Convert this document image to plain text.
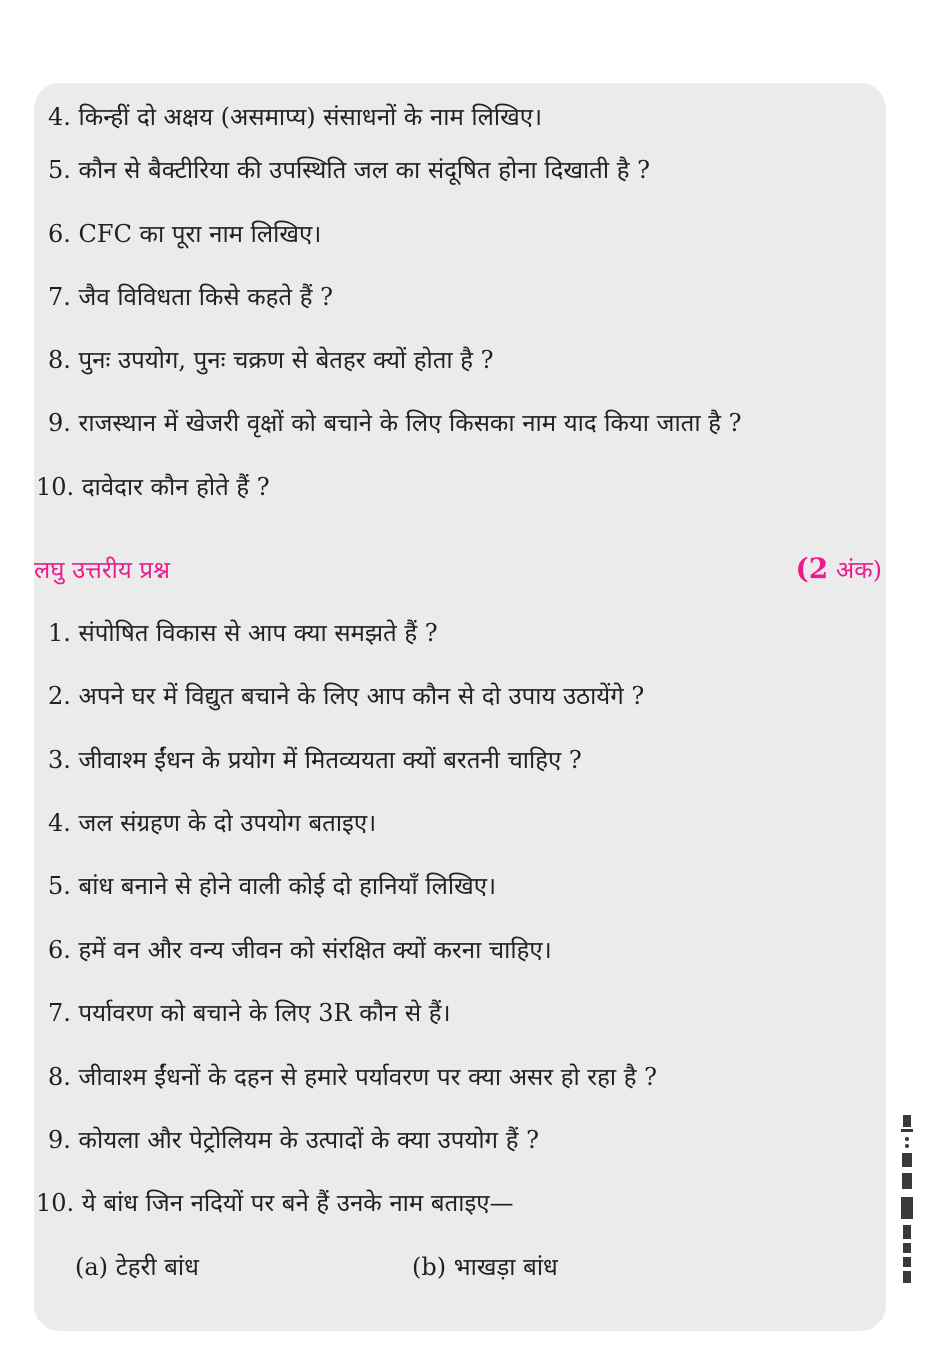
4. किन्हीं दो अक्षय (असमाप्य) संसाधनों के नाम लिखिए।

5. कौन से बैक्टीरिया की उपस्थिति जल का संदूषित होना दिखाती है ?

6. CFC का पूरा नाम लिखिए।

7. जैव विविधता किसे कहते हैं ?

8. पुनः उपयोग, पुनः चक्रण से बेतहर क्यों होता है ?

9. राजस्थान में खेजरी वृक्षों को बचाने के लिए किसका नाम याद किया जाता है ?

10. दावेदार कौन होते हैं ?

लघु उत्तरीय प्रश्न	(2 अंक)

1. संपोषित विकास से आप क्या समझते हैं ?

2. अपने घर में विद्युत बचाने के लिए आप कौन से दो उपाय उठायेंगे ?

3. जीवाश्म ईंधन के प्रयोग में मितव्ययता क्यों बरतनी चाहिए ?

4. जल संग्रहण के दो उपयोग बताइए।

5. बांध बनाने से होने वाली कोई दो हानियाँ लिखिए।

6. हमें वन और वन्य जीवन को संरक्षित क्यों करना चाहिए।

7. पर्यावरण को बचाने के लिए 3R कौन से हैं।

8. जीवाश्म ईंधनों के दहन से हमारे पर्यावरण पर क्या असर हो रहा है ?

9. कोयला और पेट्रोलियम के उत्पादों के क्या उपयोग हैं ?

10. ये बांध जिन नदियों पर बने हैं उनके नाम बताइए—

(a) टेहरी बांध	(b) भाखड़ा बांध
